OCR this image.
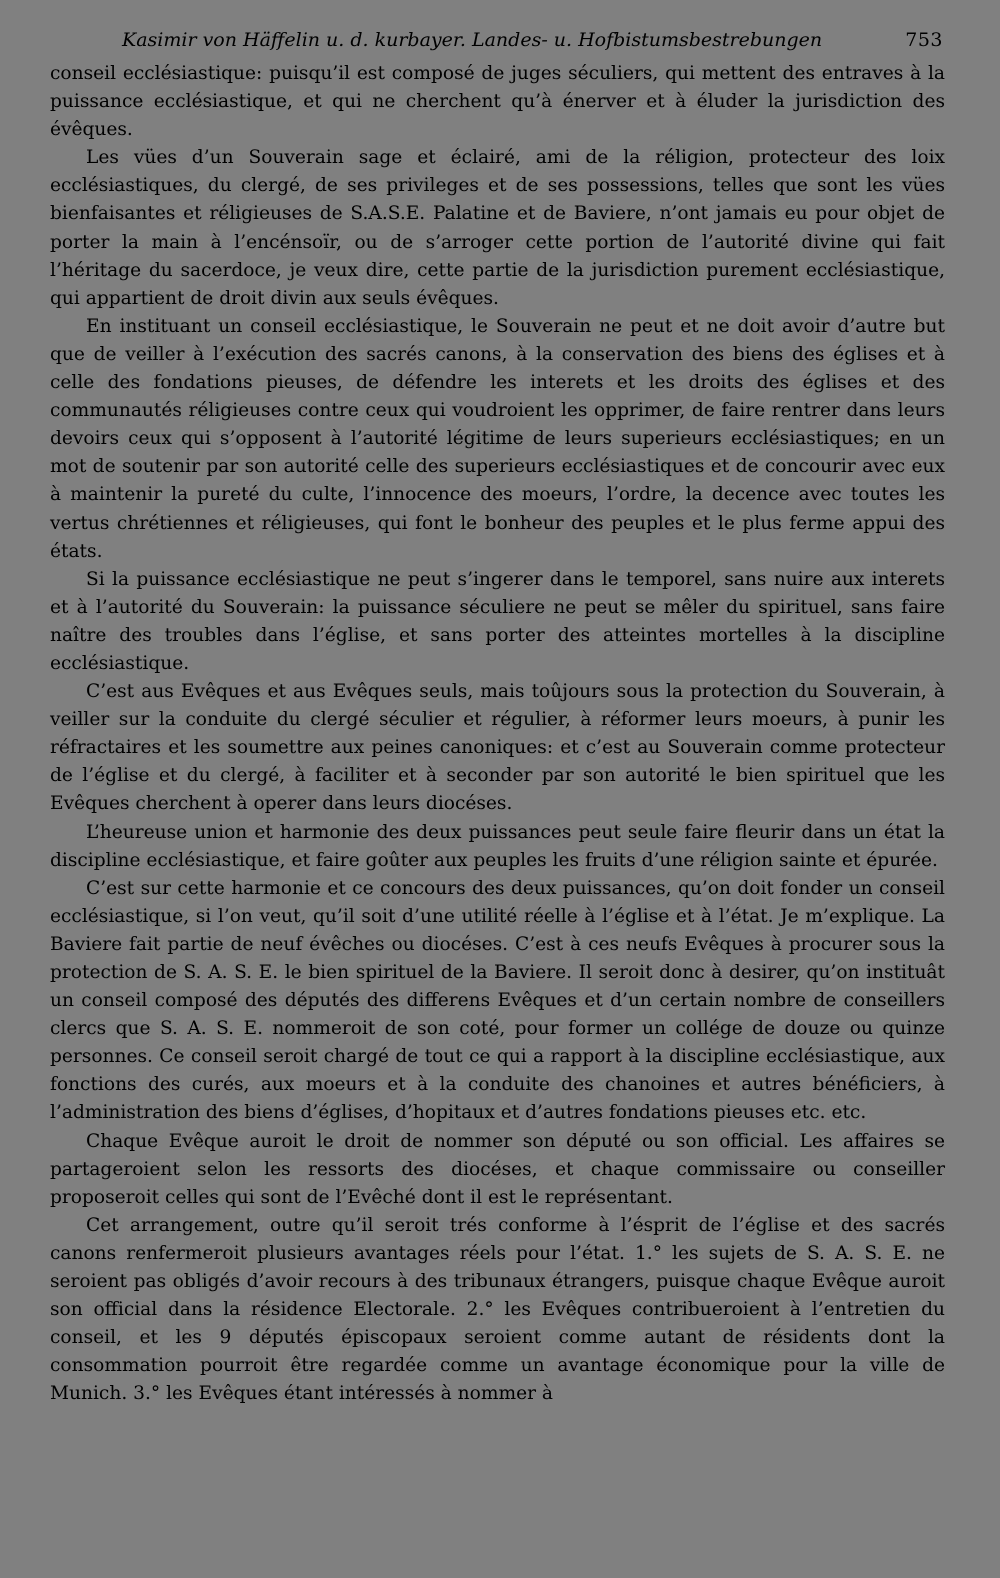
Kasimir von Häffelin u. d. kurbayer. Landes- u. Hofbistumsbestrebungen	753

conseil ecclésiastique: puisqu’il est composé de juges séculiers, qui mettent des entraves à la puissance ecclésiastique, et qui ne cherchent qu’à énerver et à éluder la jurisdiction des évêques.

Les vües d’un Souverain sage et éclairé, ami de la réligion, protecteur des loix ecclésiastiques, du clergé, de ses privileges et de ses possessions, telles que sont les vües bienfaisantes et réligieuses de S.A.S.E. Palatine et de Baviere, n’ont jamais eu pour objet de porter la main à l’encénsoïr, ou de s’arroger cette portion de l’autorité divine qui fait l’héritage du sacerdoce, je veux dire, cette partie de la jurisdiction purement ecclésiastique, qui appartient de droit divin aux seuls évêques.

En instituant un conseil ecclésiastique, le Souverain ne peut et ne doit avoir d’autre but que de veiller à l’exécution des sacrés canons, à la conservation des biens des églises et à celle des fondations pieuses, de défendre les interets et les droits des églises et des communautés réligieuses contre ceux qui voudroient les opprimer, de faire rentrer dans leurs devoirs ceux qui s’opposent à l’autorité légitime de leurs superieurs ecclésiastiques; en un mot de soutenir par son autorité celle des superieurs ecclésiastiques et de concourir avec eux à maintenir la pureté du culte, l’innocence des moeurs, l’ordre, la decence avec toutes les vertus chrétiennes et réligieuses, qui font le bonheur des peuples et le plus ferme appui des états.

Si la puissance ecclésiastique ne peut s’ingerer dans le temporel, sans nuire aux interets et à l’autorité du Souverain: la puissance séculiere ne peut se mêler du spirituel, sans faire naître des troubles dans l’église, et sans porter des atteintes mortelles à la discipline ecclésiastique.

C’est aus Evêques et aus Evêques seuls, mais toûjours sous la protection du Souverain, à veiller sur la conduite du clergé séculier et régulier, à réformer leurs moeurs, à punir les réfractaires et les soumettre aux peines canoniques: et c’est au Souverain comme protecteur de l’église et du clergé, à faciliter et à seconder par son autorité le bien spirituel que les Evêques cherchent à operer dans leurs diocéses.

L’heureuse union et harmonie des deux puissances peut seule faire fleurir dans un état la discipline ecclésiastique, et faire goûter aux peuples les fruits d’une réligion sainte et épurée.

C’est sur cette harmonie et ce concours des deux puissances, qu’on doit fonder un conseil ecclésiastique, si l’on veut, qu’il soit d’une utilité réelle à l’église et à l’état. Je m’explique. La Baviere fait partie de neuf évêches ou diocéses. C’est à ces neufs Evêques à procurer sous la protection de S. A. S. E. le bien spirituel de la Baviere. Il seroit donc à desirer, qu’on instituât un conseil composé des députés des differens Evêques et d’un certain nombre de conseillers clercs que S. A. S. E. nommeroit de son coté, pour former un collége de douze ou quinze personnes. Ce conseil seroit chargé de tout ce qui a rapport à la discipline ecclésiastique, aux fonctions des curés, aux moeurs et à la conduite des chanoines et autres bénéficiers, à l’administration des biens d’églises, d’hopitaux et d’autres fondations pieuses etc. etc.

Chaque Evêque auroit le droit de nommer son député ou son official. Les affaires se partageroient selon les ressorts des diocéses, et chaque commissaire ou conseiller proposeroit celles qui sont de l’Evêché dont il est le représentant.

Cet arrangement, outre qu’il seroit trés conforme à l’ésprit de l’église et des sacrés canons renfermeroit plusieurs avantages réels pour l’état. 1.° les sujets de S. A. S. E. ne seroient pas obligés d’avoir recours à des tribunaux étrangers, puisque chaque Evêque auroit son official dans la résidence Electorale. 2.° les Evêques contribueroient à l’entretien du conseil, et les 9 députés épiscopaux seroient comme autant de résidents dont la consommation pourroit être regardée comme un avantage économique pour la ville de Munich. 3.° les Evêques étant intéressés à nommer à
